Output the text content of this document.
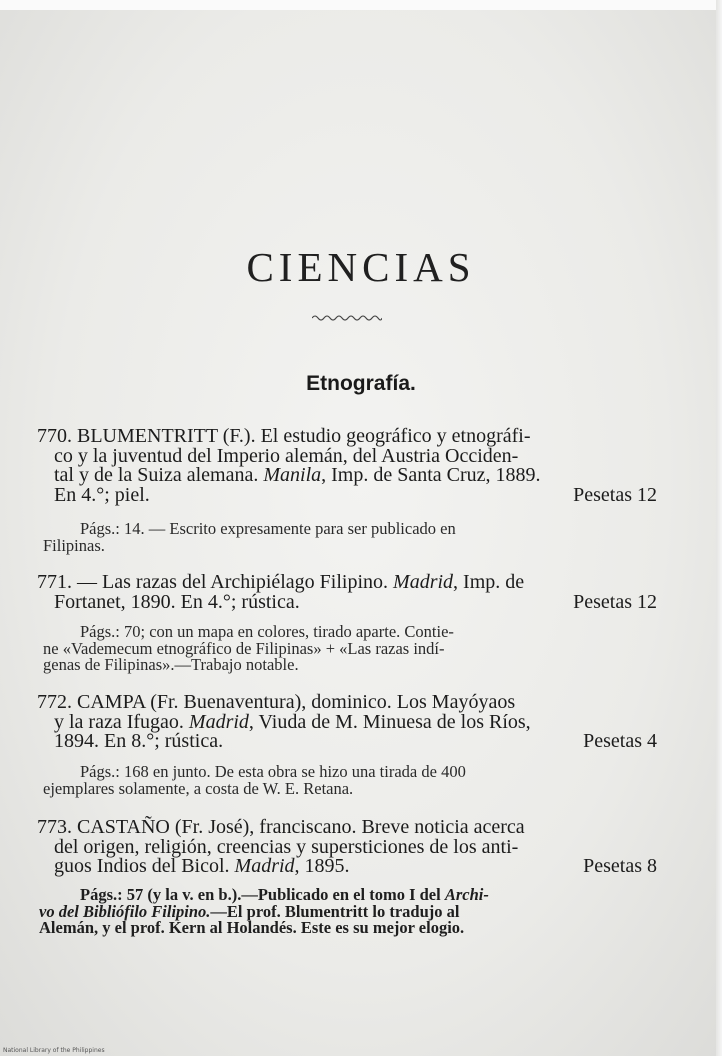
CIENCIAS
Etnografía.
770. BLUMENTRITT (F.). El estudio geográfico y etnográfi-
co y la juventud del Imperio alemán, del Austria Occiden-
tal y de la Suiza alemana. Manila, Imp. de Santa Cruz, 1889.
En 4.°; piel.	Pesetas 12
Págs.: 14. — Escrito expresamente para ser publicado en
Filipinas.
771. — Las razas del Archipiélago Filipino. Madrid, Imp. de
Fortanet, 1890. En 4.°; rústica.	Pesetas 12
Págs.: 70; con un mapa en colores, tirado aparte. Contie-
ne «Vademecum etnográfico de Filipinas» + «Las razas indí-
genas de Filipinas».—Trabajo notable.
772. CAMPA (Fr. Buenaventura), dominico. Los Mayóyaos
y la raza Ifugao. Madrid, Viuda de M. Minuesa de los Ríos,
1894. En 8.°; rústica.	Pesetas 4
Págs.: 168 en junto. De esta obra se hizo una tirada de 400
ejemplares solamente, a costa de W. E. Retana.
773. CASTAÑO (Fr. José), franciscano. Breve noticia acerca
del origen, religión, creencias y supersticiones de los anti-
guos Indios del Bicol. Madrid, 1895.	Pesetas 8
Págs.: 57 (y la v. en b.).—Publicado en el tomo I del Archi-
vo del Bibliófilo Filipino.—El prof. Blumentritt lo tradujo al
Alemán, y el prof. Kern al Holandés. Este es su mejor elogio.
National Library of the Philippines
